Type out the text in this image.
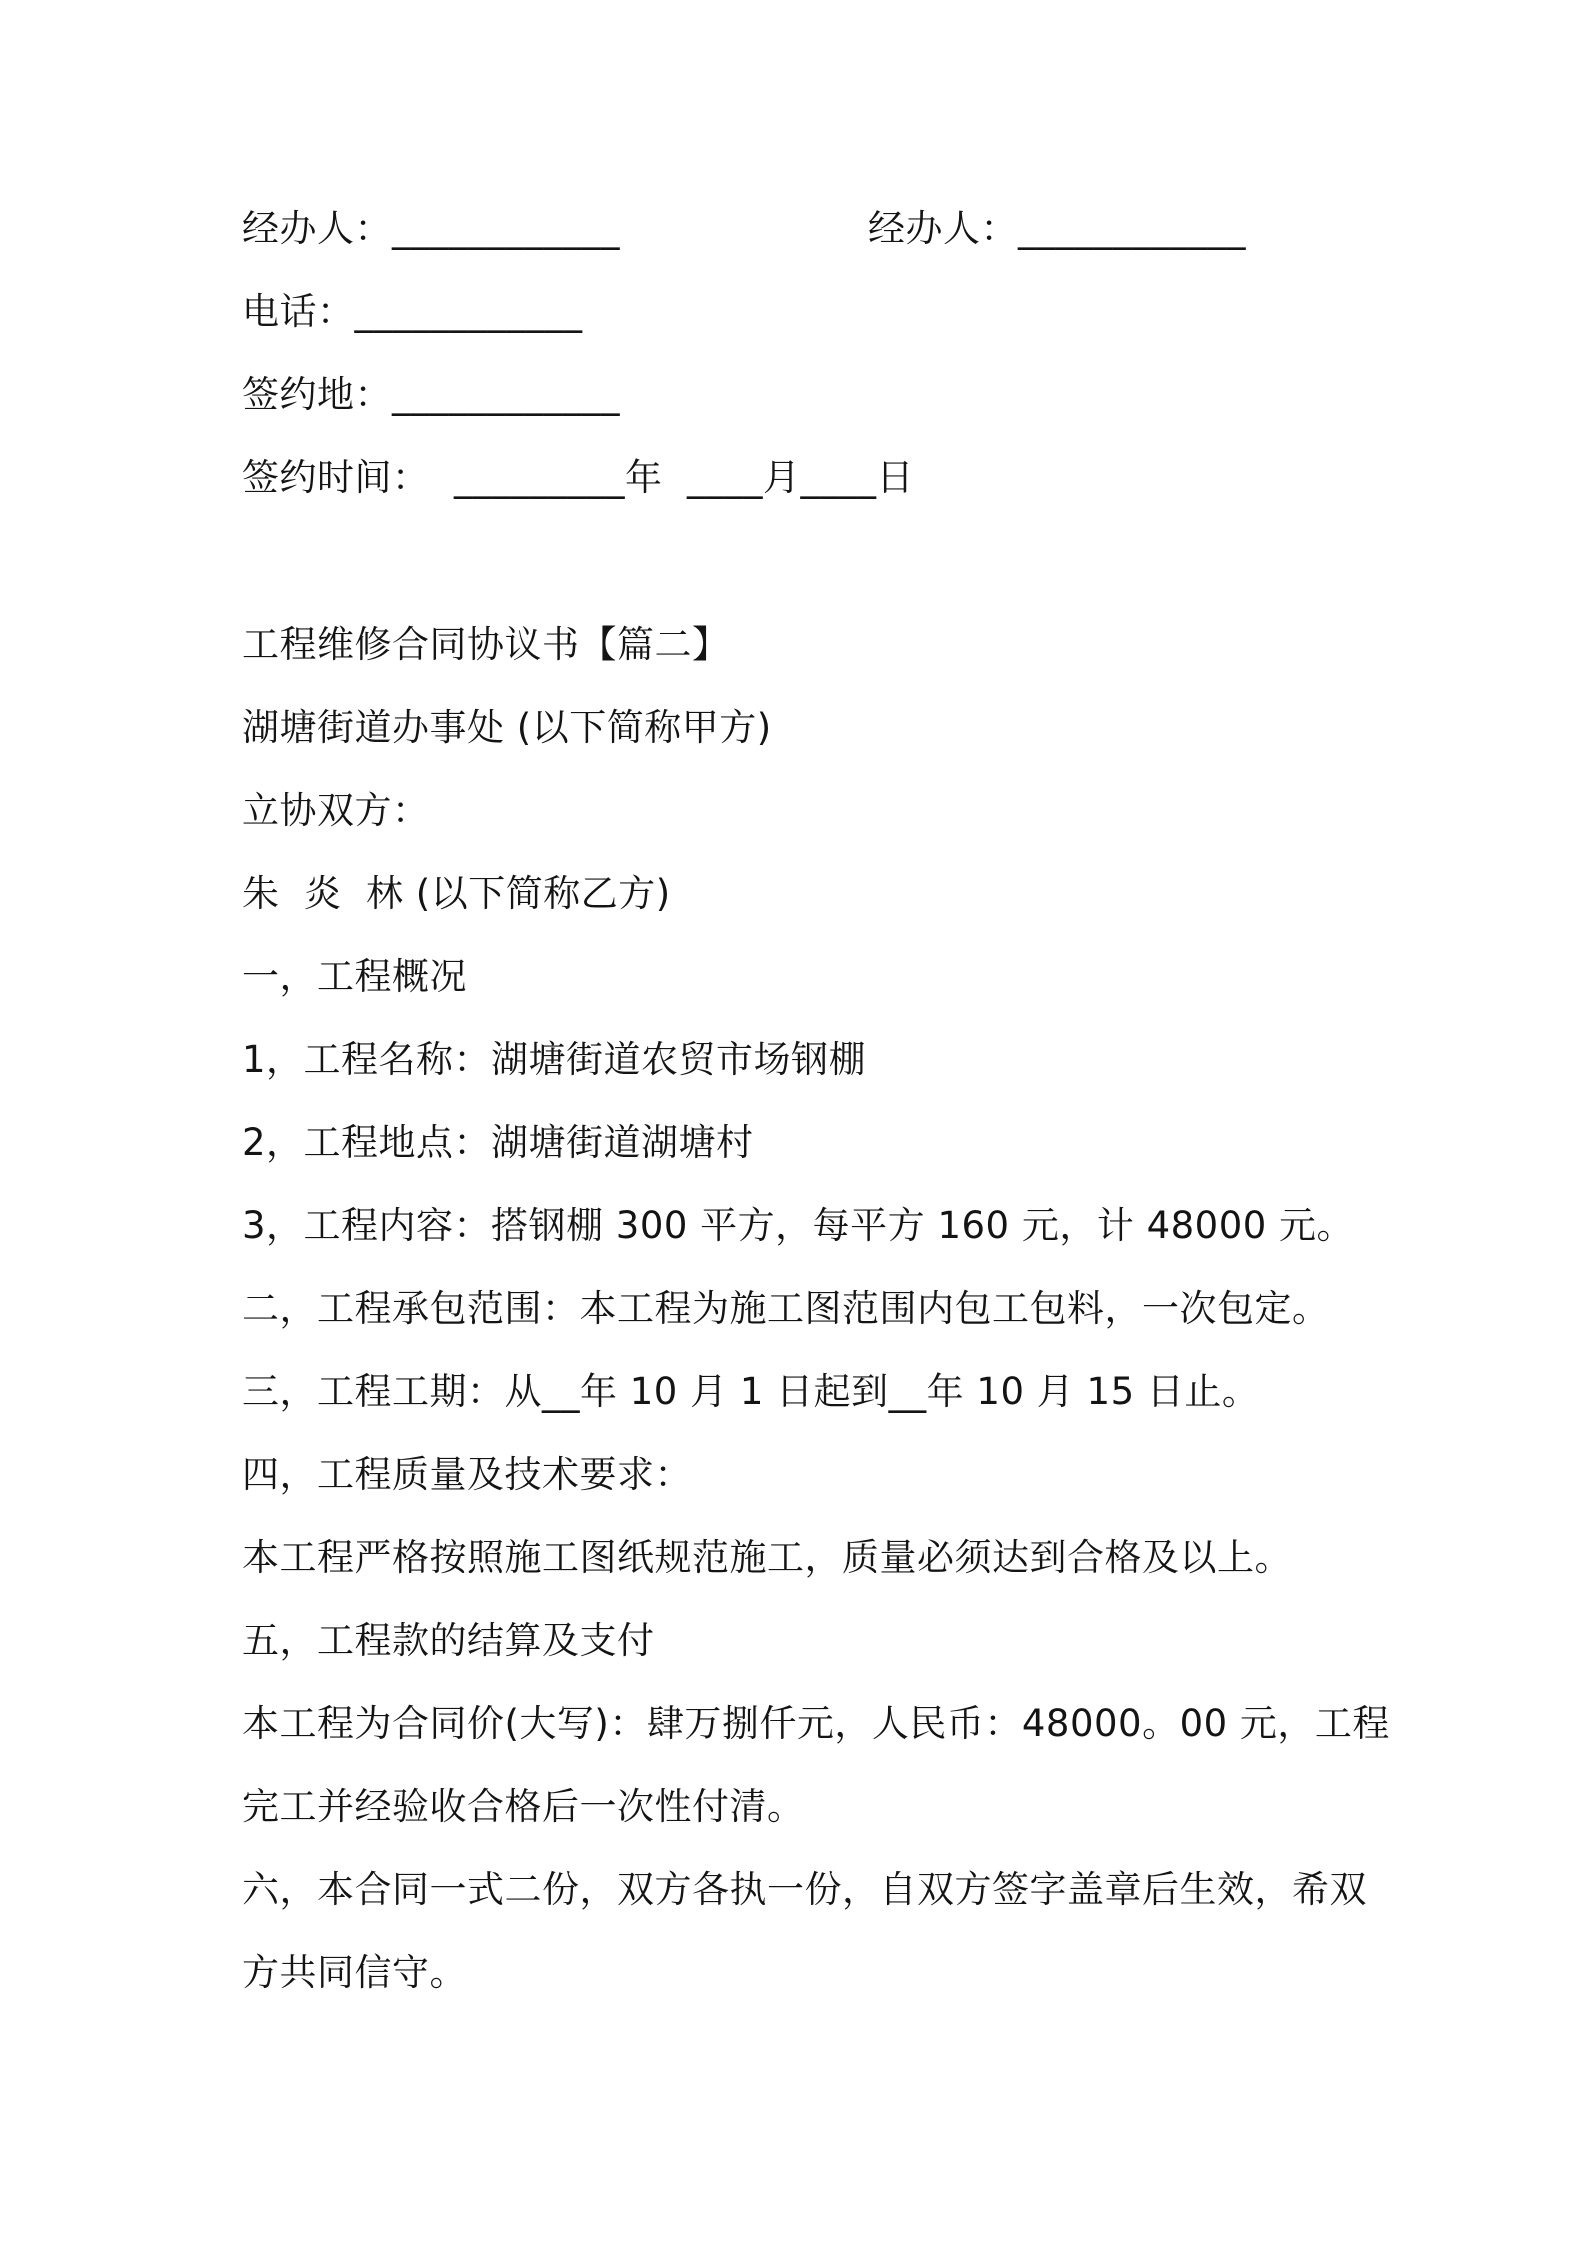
经办人：____________	经办人：____________
电话：____________
签约地：____________
签约时间：  _________年  ____月____日
工程维修合同协议书【篇二】
湖塘街道办事处 (以下简称甲方)
立协双方：
朱  炎  林 (以下简称乙方)
一，工程概况
1，工程名称：湖塘街道农贸市场钢棚
2，工程地点：湖塘街道湖塘村
3，工程内容：搭钢棚 300 平方，每平方 160 元，计 48000 元。
二，工程承包范围：本工程为施工图范围内包工包料，一次包定。
三，工程工期：从__年 10 月 1 日起到__年 10 月 15 日止。
四，工程质量及技术要求：
本工程严格按照施工图纸规范施工，质量必须达到合格及以上。
五，工程款的结算及支付
本工程为合同价(大写)：肆万捌仟元，人民币：48000。00 元，工程
完工并经验收合格后一次性付清。
六，本合同一式二份，双方各执一份，自双方签字盖章后生效，希双
方共同信守。
